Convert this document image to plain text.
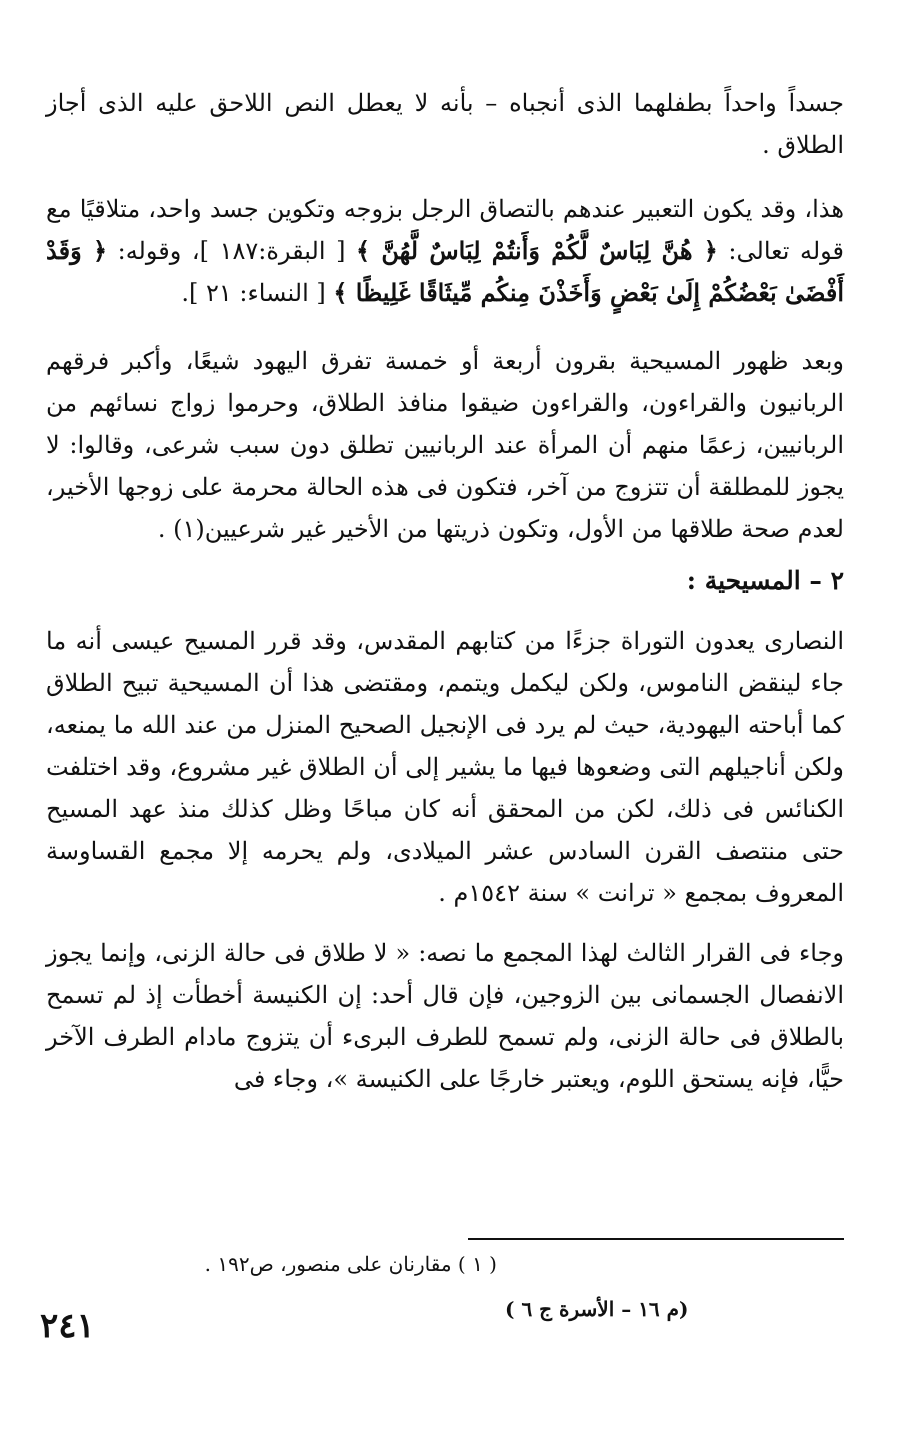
جسداً واحداً بطفلهما الذى أنجباه – بأنه لا يعطل النص اللاحق عليه الذى أجاز الطلاق .

هذا، وقد يكون التعبير عندهم بالتصاق الرجل بزوجه وتكوين جسد واحد، متلاقيًا مع قوله تعالى: ﴿ هُنَّ لِبَاسٌ لَّكُمْ وَأَنتُمْ لِبَاسٌ لَّهُنَّ ﴾ [ البقرة:١٨٧ ]، وقوله: ﴿ وَقَدْ أَفْضَىٰ بَعْضُكُمْ إِلَىٰ بَعْضٍ وَأَخَذْنَ مِنكُم مِّيثَاقًا غَلِيظًا ﴾ [ النساء: ٢١ ].

وبعد ظهور المسيحية بقرون أربعة أو خمسة تفرق اليهود شيعًا، وأكبر فرقهم الربانيون والقراءون، والقراءون ضيقوا منافذ الطلاق، وحرموا زواج نسائهم من الربانيين، زعمًا منهم أن المرأة عند الربانيين تطلق دون سبب شرعى، وقالوا: لا يجوز للمطلقة أن تتزوج من آخر، فتكون فى هذه الحالة محرمة على زوجها الأخير، لعدم صحة طلاقها من الأول، وتكون ذريتها من الأخير غير شرعيين(١) .

٢ – المسيحية :

النصارى يعدون التوراة جزءًا من كتابهم المقدس، وقد قرر المسيح عيسى أنه ما جاء لينقض الناموس، ولكن ليكمل ويتمم، ومقتضى هذا أن المسيحية تبيح الطلاق كما أباحته اليهودية، حيث لم يرد فى الإنجيل الصحيح المنزل من عند الله ما يمنعه، ولكن أناجيلهم التى وضعوها فيها ما يشير إلى أن الطلاق غير مشروع، وقد اختلفت الكنائس فى ذلك، لكن من المحقق أنه كان مباحًا وظل كذلك منذ عهد المسيح حتى منتصف القرن السادس عشر الميلادى، ولم يحرمه إلا مجمع القساوسة المعروف بمجمع « ترانت » سنة ١٥٤٢م .

وجاء فى القرار الثالث لهذا المجمع ما نصه: « لا طلاق فى حالة الزنى، وإنما يجوز الانفصال الجسمانى بين الزوجين، فإن قال أحد: إن الكنيسة أخطأت إذ لم تسمح بالطلاق فى حالة الزنى، ولم تسمح للطرف البرىء أن يتزوج مادام الطرف الآخر حيًّا، فإنه يستحق اللوم، ويعتبر خارجًا على الكنيسة »، وجاء فى

( ١ ) مقارنان على منصور، ص١٩٢ .
(م ١٦ – الأسرة ج ٦ )
٢٤١
